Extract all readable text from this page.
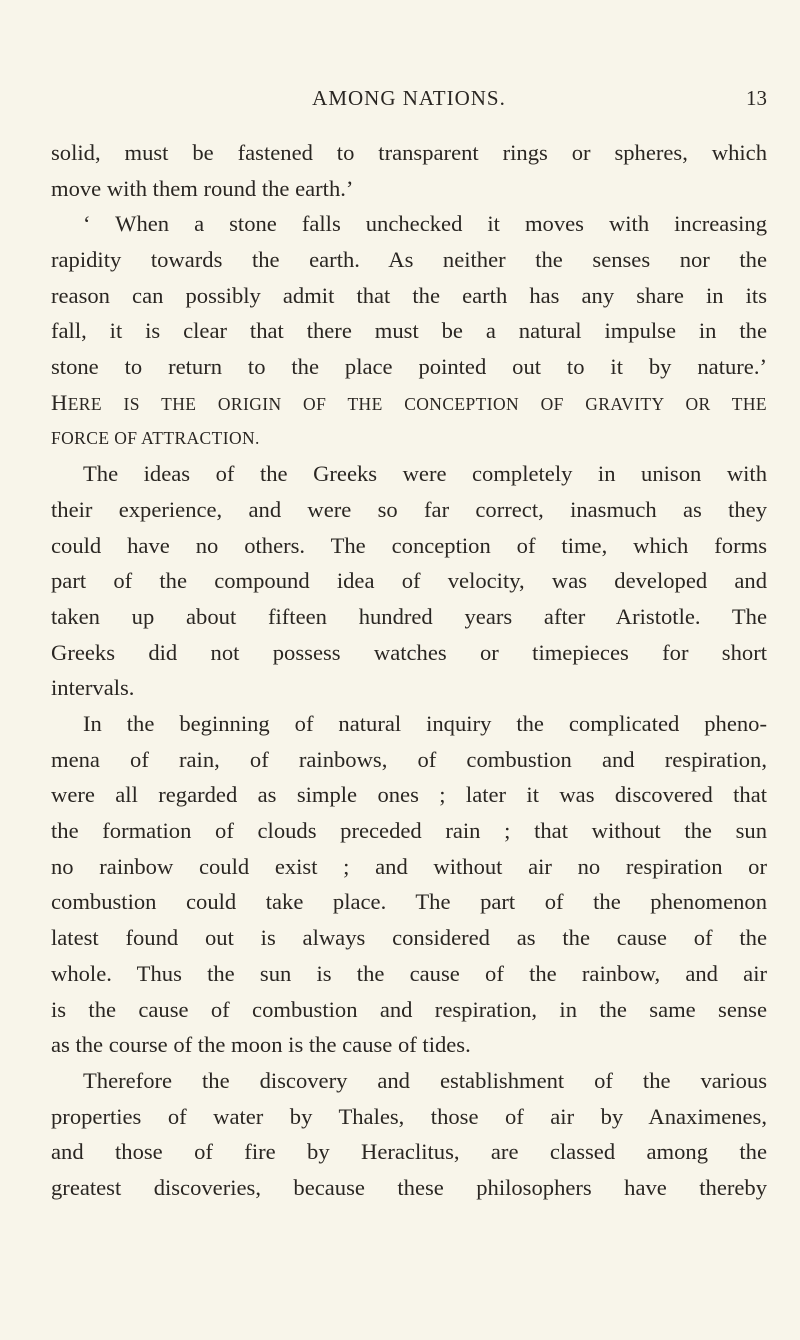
AMONG NATIONS.	13
solid, must be fastened to transparent rings or spheres, which
move with them round the earth.’
‘ When a stone falls unchecked it moves with increasing
rapidity towards the earth. As neither the senses nor the
reason can possibly admit that the earth has any share in its
fall, it is clear that there must be a natural impulse in the
stone to return to the place pointed out to it by nature.’
HERE IS THE ORIGIN OF THE CONCEPTION OF GRAVITY OR THE
FORCE OF ATTRACTION.
The ideas of the Greeks were completely in unison with
their experience, and were so far correct, inasmuch as they
could have no others. The conception of time, which forms
part of the compound idea of velocity, was developed and
taken up about fifteen hundred years after Aristotle. The
Greeks did not possess watches or timepieces for short
intervals.
In the beginning of natural inquiry the complicated pheno-
mena of rain, of rainbows, of combustion and respiration,
were all regarded as simple ones ; later it was discovered that
the formation of clouds preceded rain ; that without the sun
no rainbow could exist ; and without air no respiration or
combustion could take place. The part of the phenomenon
latest found out is always considered as the cause of the
whole. Thus the sun is the cause of the rainbow, and air
is the cause of combustion and respiration, in the same sense
as the course of the moon is the cause of tides.
Therefore the discovery and establishment of the various
properties of water by Thales, those of air by Anaximenes,
and those of fire by Heraclitus, are classed among the
greatest discoveries, because these philosophers have thereby
